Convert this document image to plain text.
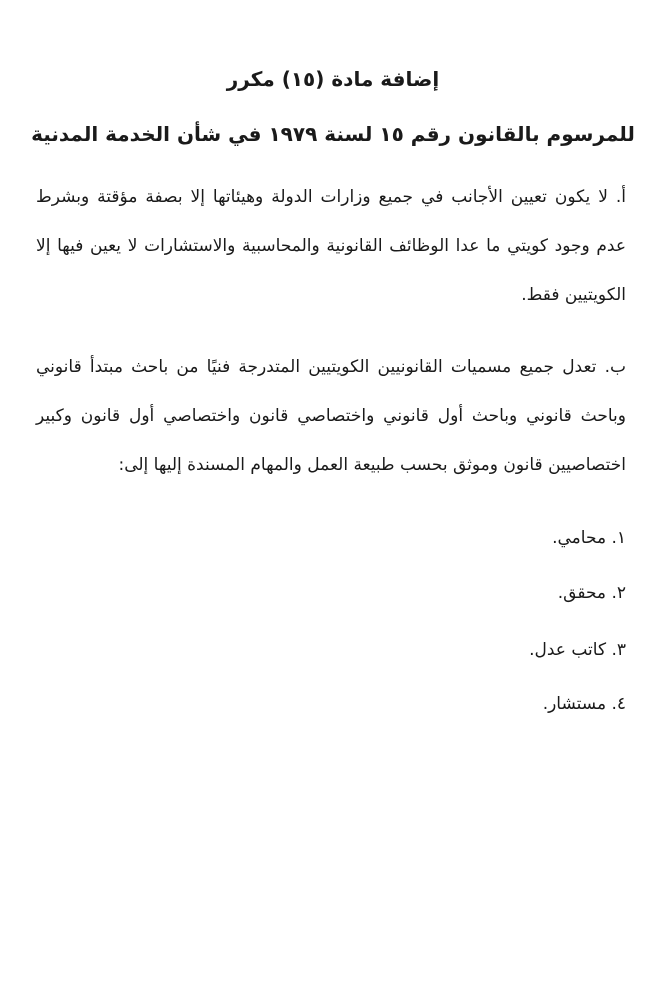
إضافة مادة (١٥) مكرر
للمرسوم بالقانون رقم ١٥ لسنة ١٩٧٩ في شأن الخدمة المدنية

أ. لا يكون تعيين الأجانب في جميع وزارات الدولة وهيئاتها إلا بصفة مؤقتة وبشرط عدم وجود كويتي ما عدا الوظائف القانونية والمحاسبية والاستشارات لا يعين فيها إلا الكويتيين فقط.

ب. تعدل جميع مسميات القانونيين الكويتيين المتدرجة فنيًا من باحث مبتدأ قانوني وباحث قانوني وباحث أول قانوني واختصاصي قانون واختصاصي أول قانون وكبير اختصاصيين قانون وموثق بحسب طبيعة العمل والمهام المسندة إليها إلى:

١. محامي.

٢. محقق.

٣. كاتب عدل.

٤. مستشار.
